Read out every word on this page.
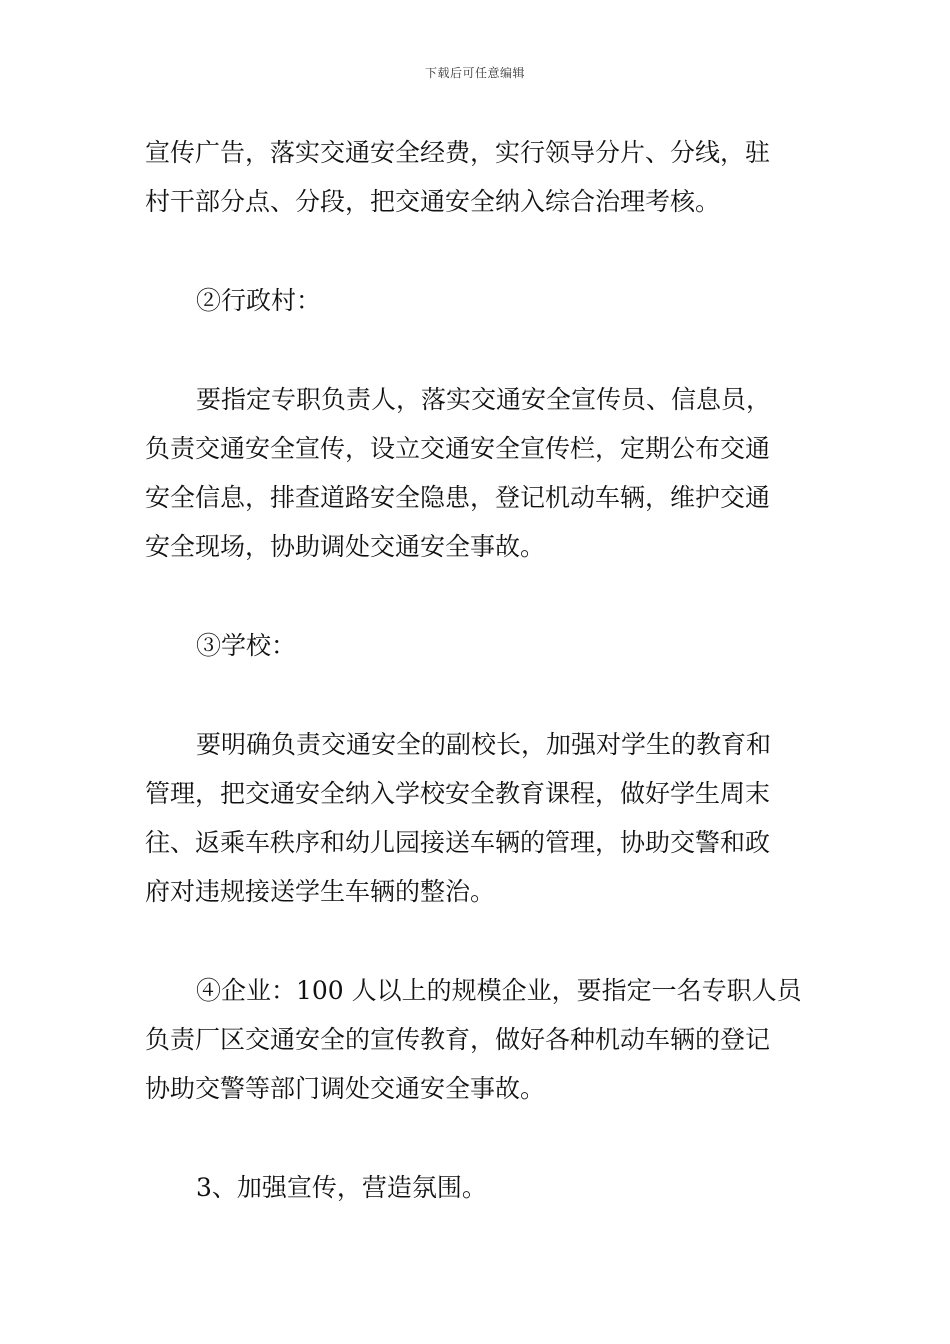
下载后可任意编辑
宣传广告，落实交通安全经费，实行领导分片、分线，驻
村干部分点、分段，把交通安全纳入综合治理考核。
②行政村：
要指定专职负责人，落实交通安全宣传员、信息员，
负责交通安全宣传，设立交通安全宣传栏，定期公布交通
安全信息，排查道路安全隐患，登记机动车辆，维护交通
安全现场，协助调处交通安全事故。
③学校：
要明确负责交通安全的副校长，加强对学生的教育和
管理，把交通安全纳入学校安全教育课程，做好学生周末
往、返乘车秩序和幼儿园接送车辆的管理，协助交警和政
府对违规接送学生车辆的整治。
④企业：100 人以上的规模企业，要指定一名专职人员
负责厂区交通安全的宣传教育，做好各种机动车辆的登记
协助交警等部门调处交通安全事故。
3、加强宣传，营造氛围。
